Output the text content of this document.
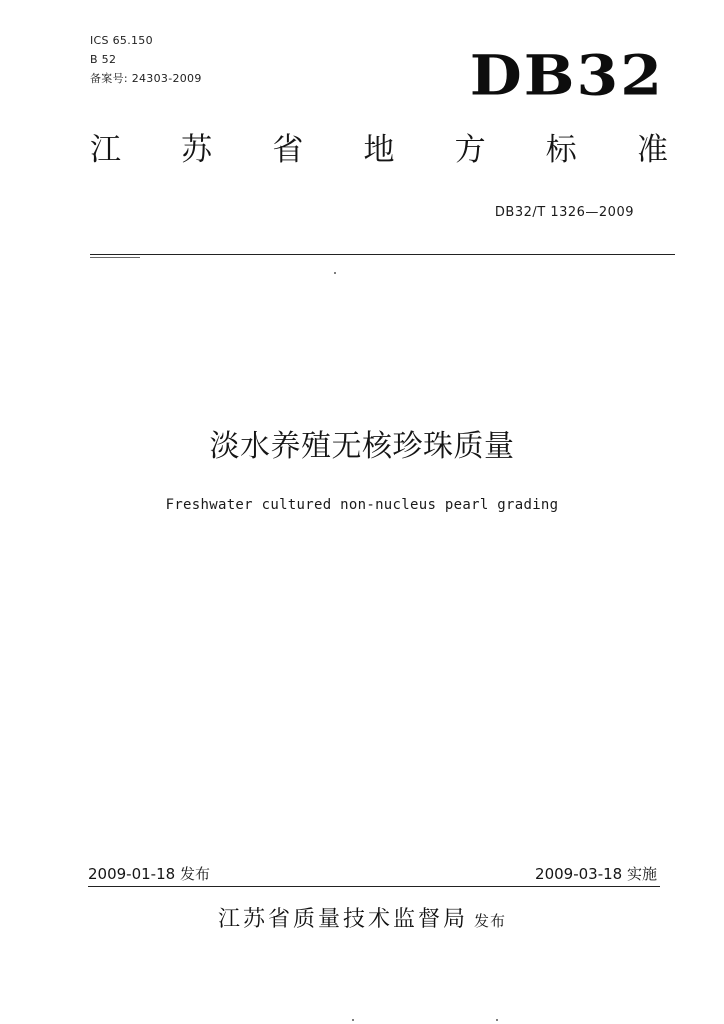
ICS 65.150
B 52
备案号: 24303-2009	DB32
江 苏 省 地 方 标 准
DB32/T 1326—2009
淡水养殖无核珍珠质量
Freshwater cultured non-nucleus pearl grading
2009-01-18 发布	2009-03-18 实施
江苏省质量技术监督局 发布
